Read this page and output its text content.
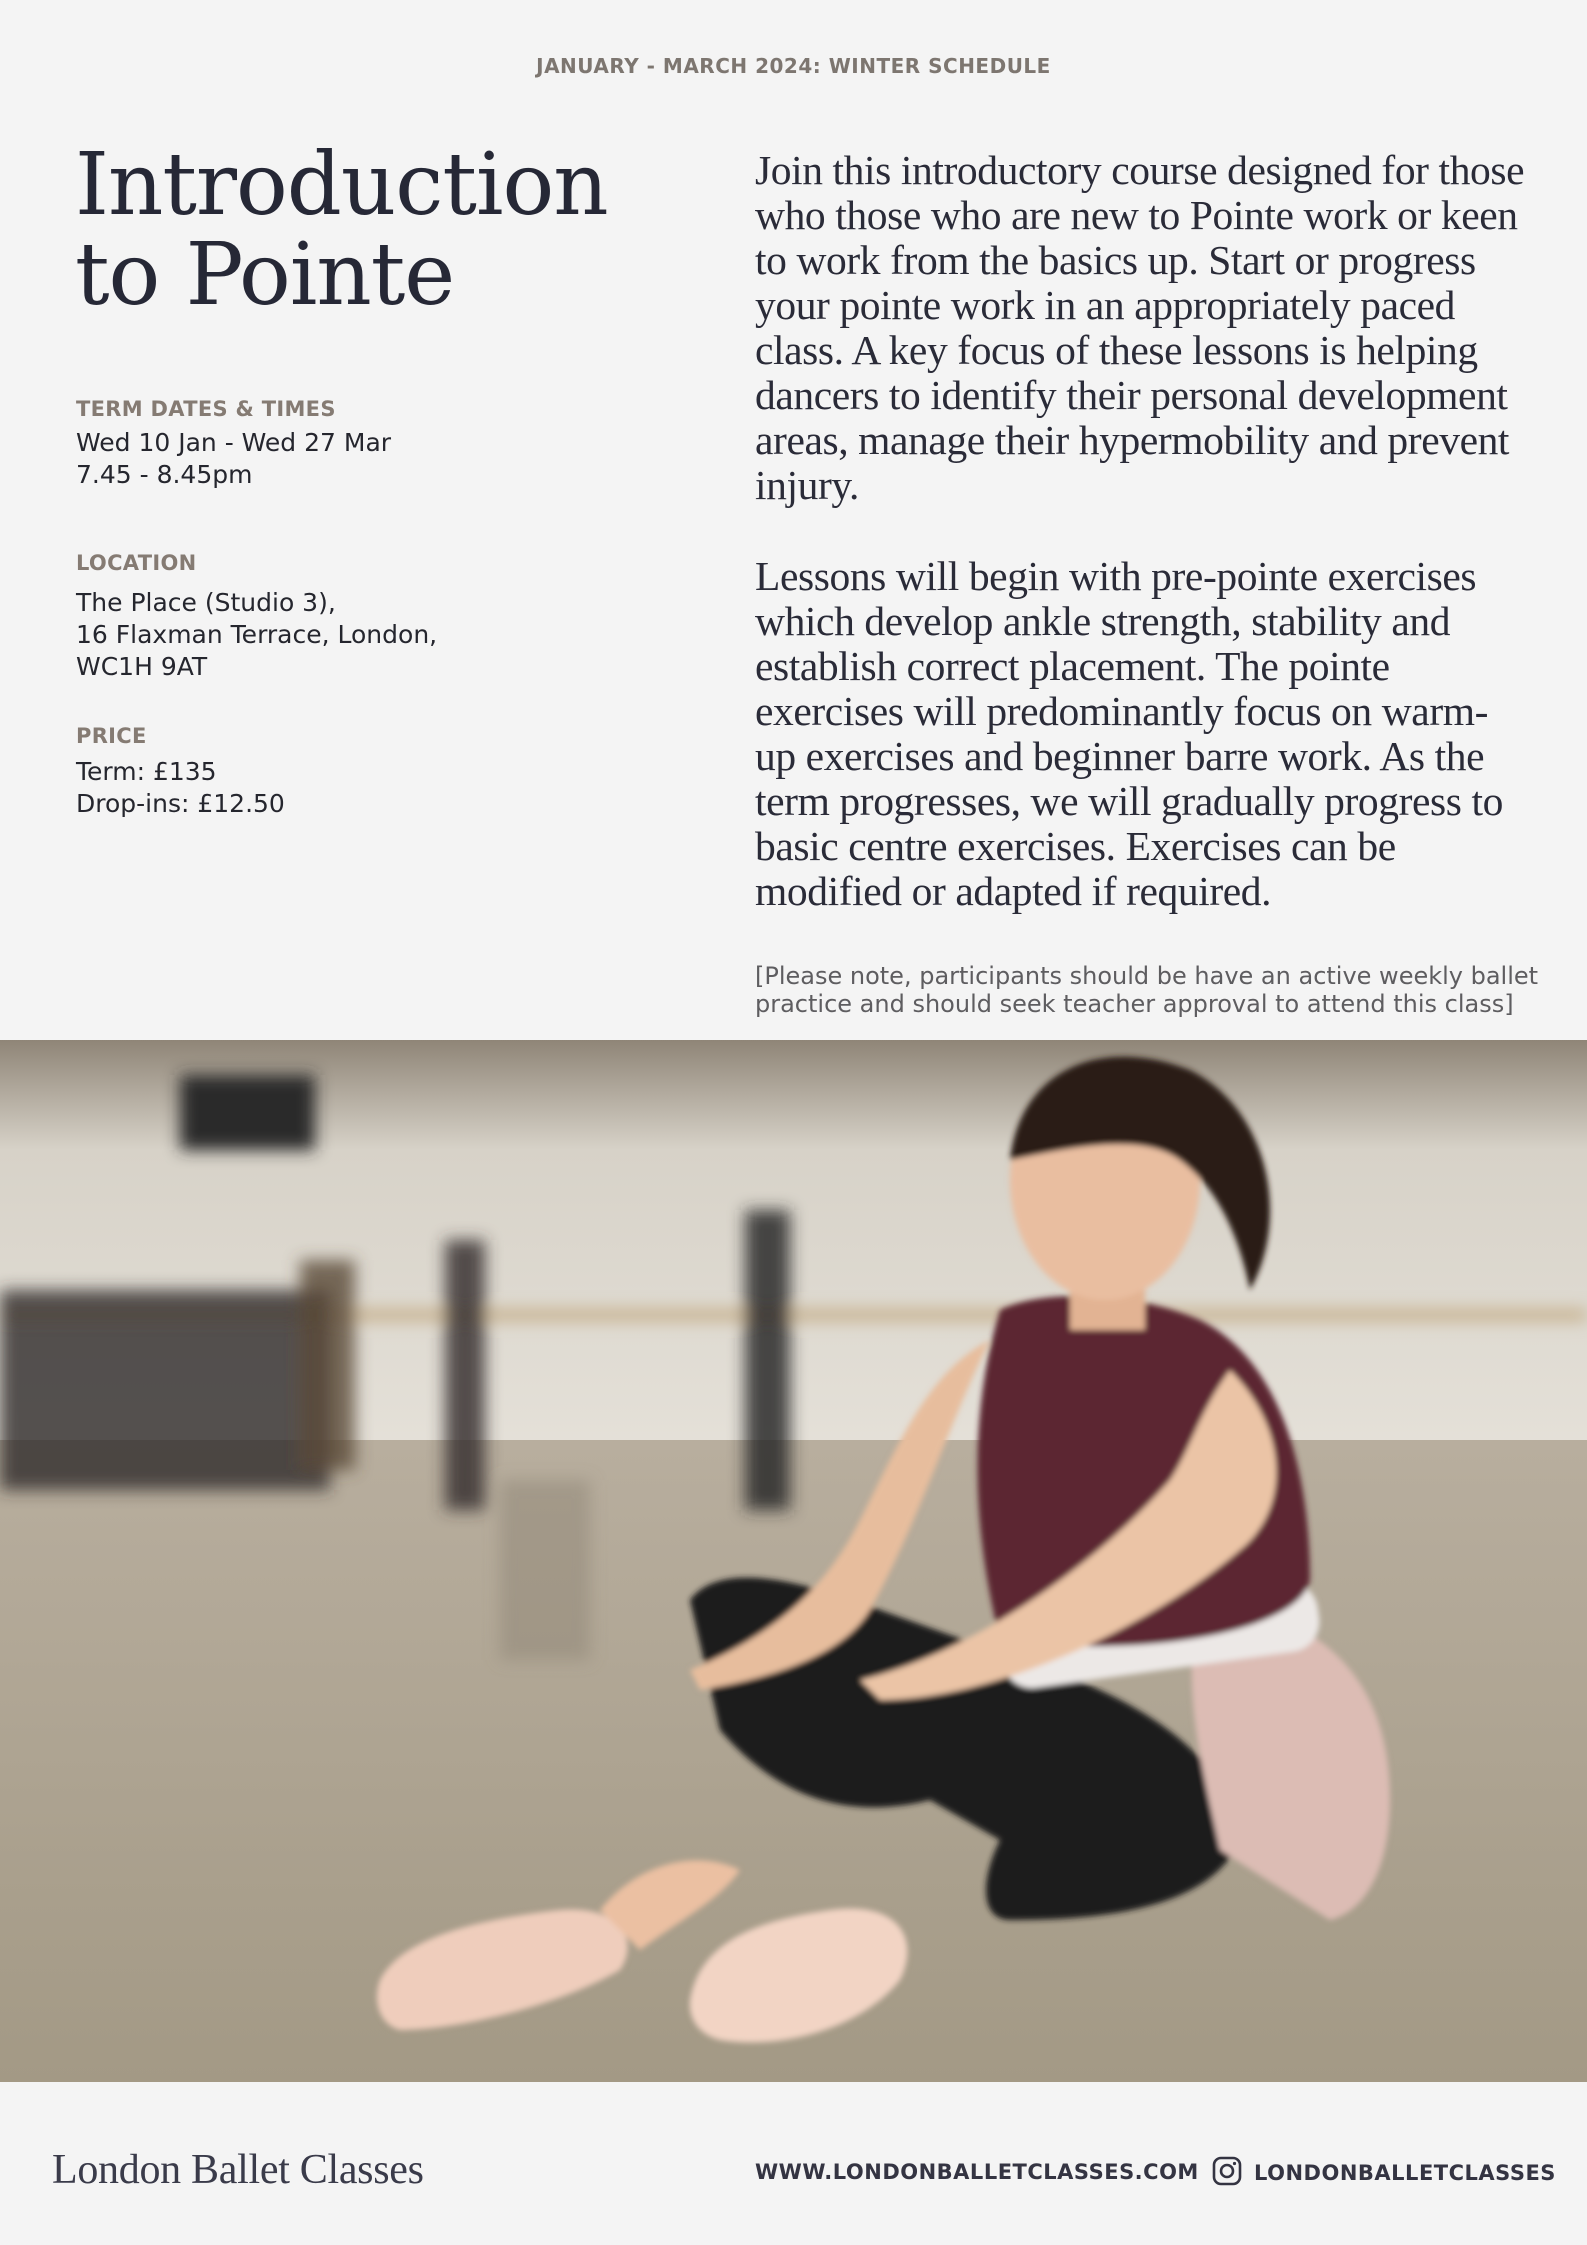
JANUARY - MARCH 2024: WINTER SCHEDULE
Introduction
to Pointe
TERM DATES & TIMES
Wed 10 Jan - Wed 27 Mar
7.45 - 8.45pm
LOCATION
The Place (Studio 3),
16 Flaxman Terrace, London,
WC1H 9AT
PRICE
Term: £135
Drop-ins: £12.50

Join this introductory course designed for those who those who are new to Pointe work or keen to work from the basics up. Start or progress your pointe work in an appropriately paced class. A key focus of these lessons is helping dancers to identify their personal development areas, manage their hypermobility and prevent injury.

Lessons will begin with pre-pointe exercises which develop ankle strength, stability and establish correct placement. The pointe exercises will predominantly focus on warm-up exercises and beginner barre work. As the term progresses, we will gradually progress to basic centre exercises. Exercises can be modified or adapted if required.

[Please note, participants should be have an active weekly ballet practice and should seek teacher approval to attend this class]

London Ballet Classes	WWW.LONDONBALLETCLASSES.COM	LONDONBALLETCLASSES
